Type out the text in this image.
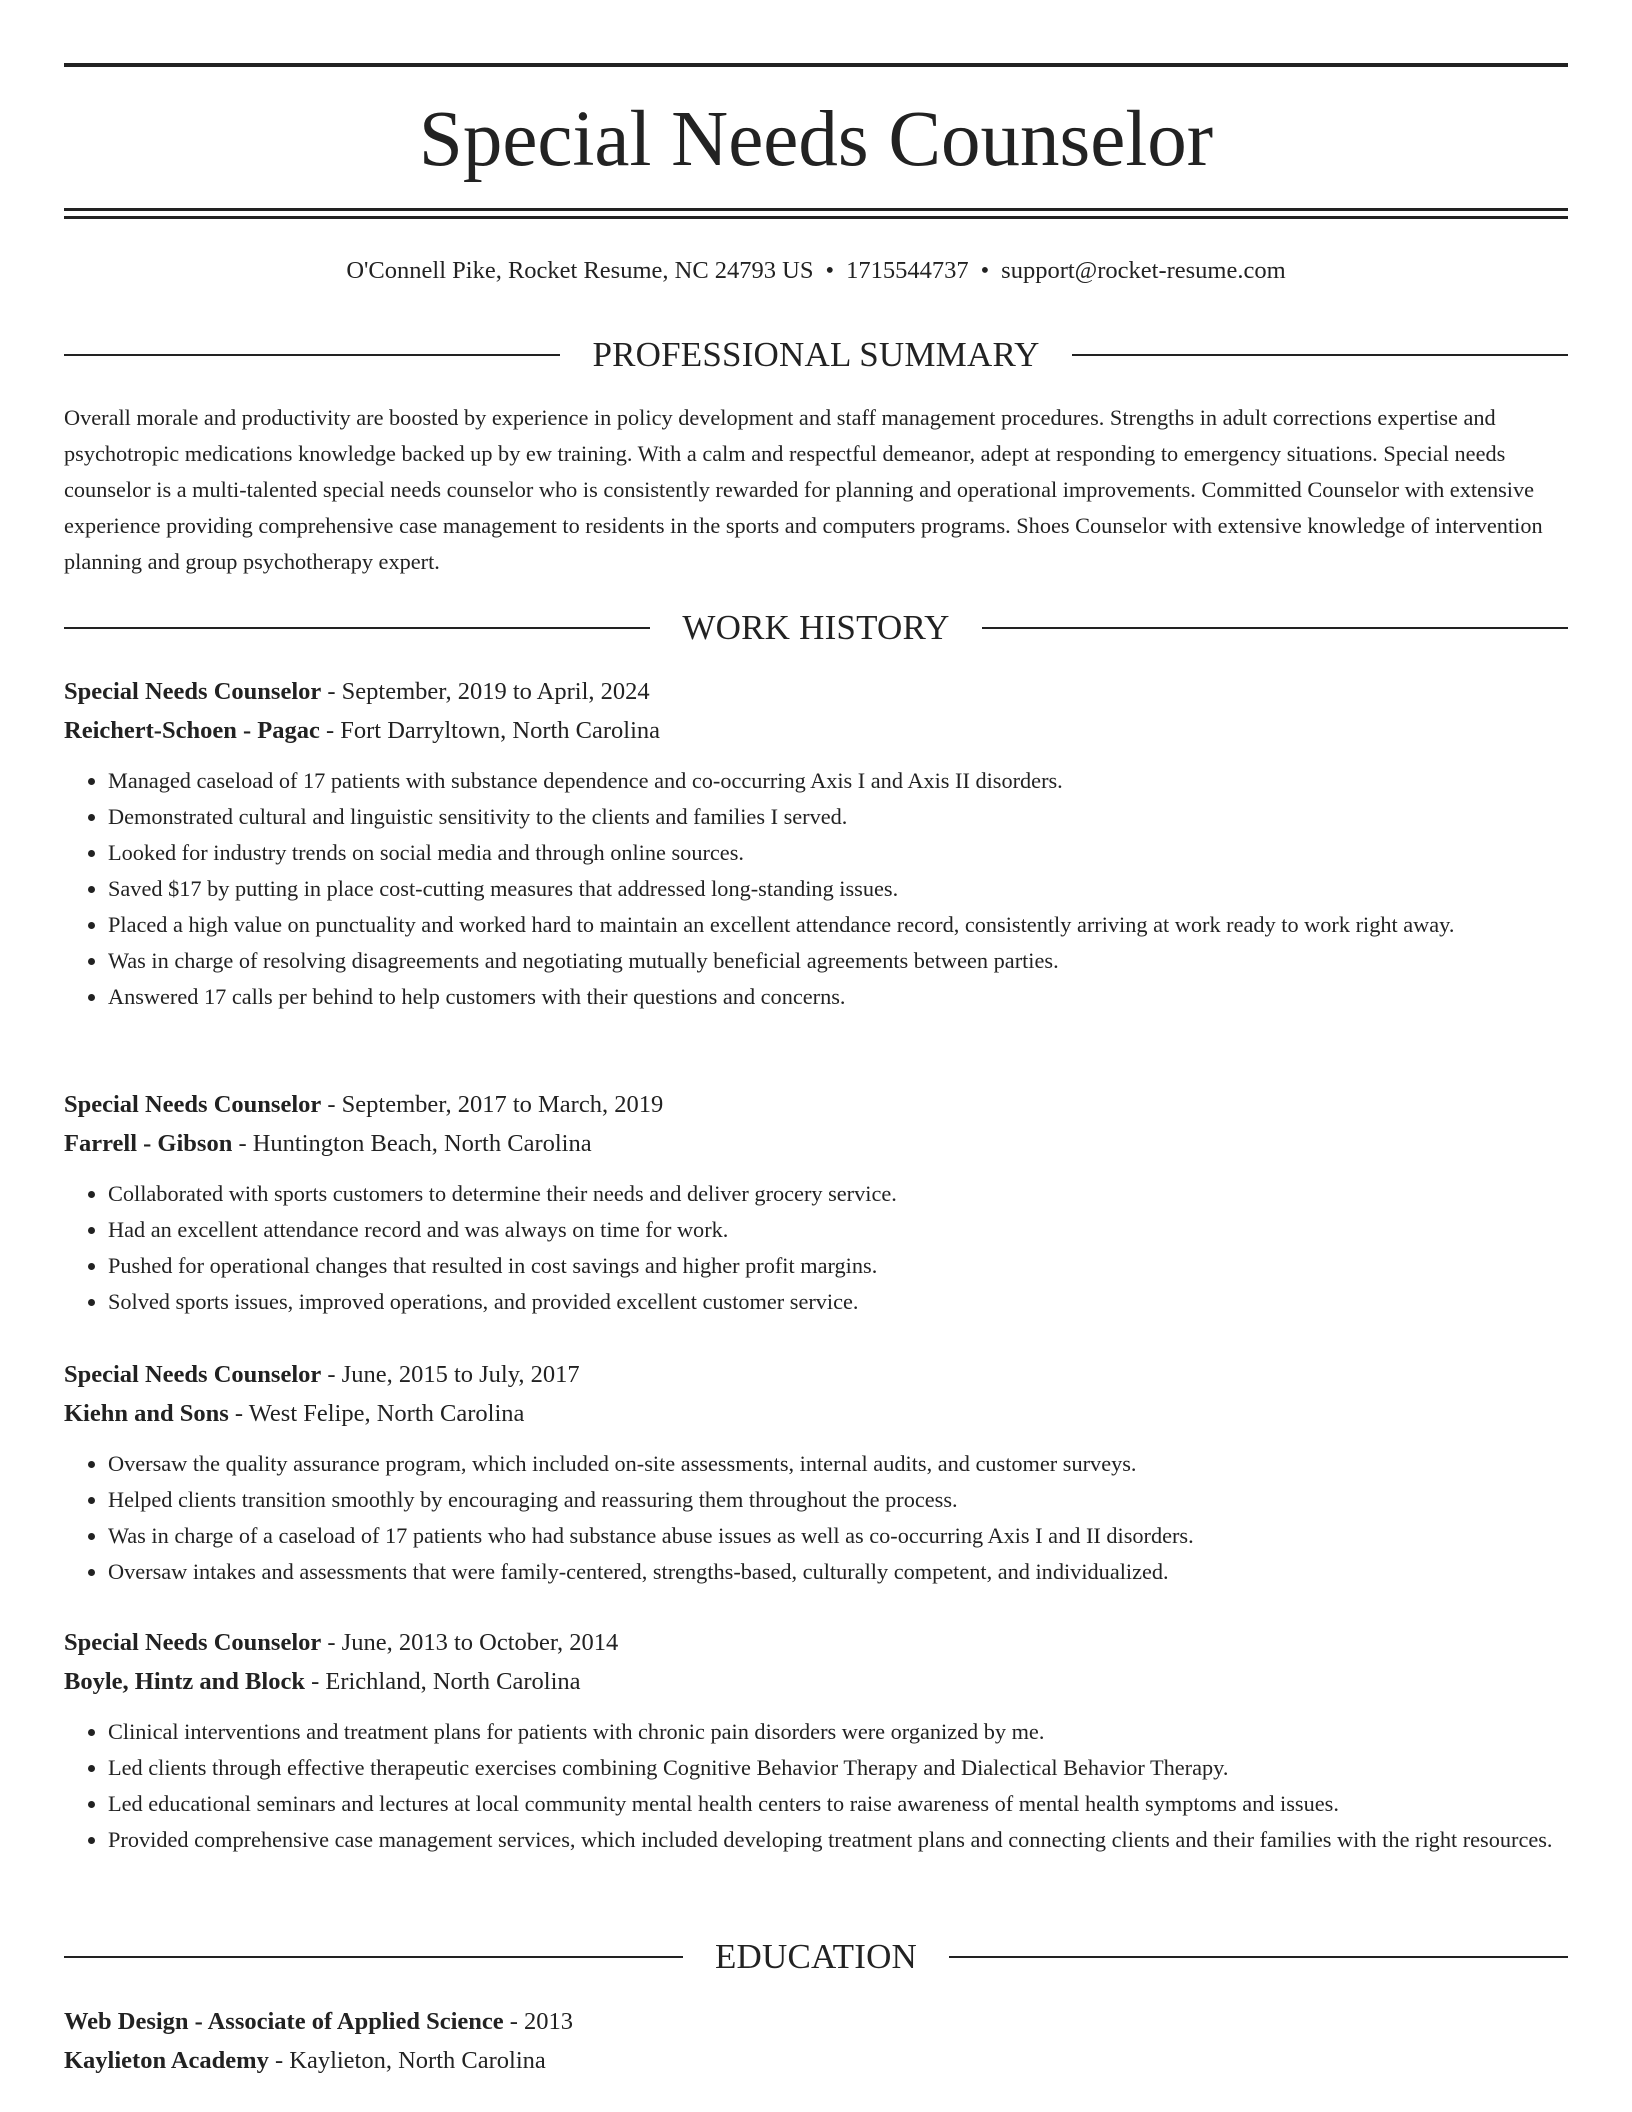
Special Needs Counselor
O'Connell Pike, Rocket Resume, NC 24793 US • 1715544737 • support@rocket-resume.com
PROFESSIONAL SUMMARY

Overall morale and productivity are boosted by experience in policy development and staff management procedures. Strengths in adult corrections expertise and psychotropic medications knowledge backed up by ew training. With a calm and respectful demeanor, adept at responding to emergency situations. Special needs counselor is a multi-talented special needs counselor who is consistently rewarded for planning and operational improvements. Committed Counselor with extensive experience providing comprehensive case management to residents in the sports and computers programs. Shoes Counselor with extensive knowledge of intervention planning and group psychotherapy expert.

WORK HISTORY

Special Needs Counselor - September, 2019 to April, 2024

Reichert-Schoen - Pagac - Fort Darryltown, North Carolina

• Managed caseload of 17 patients with substance dependence and co-occurring Axis I and Axis II disorders.
• Demonstrated cultural and linguistic sensitivity to the clients and families I served.
• Looked for industry trends on social media and through online sources.
• Saved $17 by putting in place cost-cutting measures that addressed long-standing issues.
• Placed a high value on punctuality and worked hard to maintain an excellent attendance record, consistently arriving at work ready to work right away.
• Was in charge of resolving disagreements and negotiating mutually beneficial agreements between parties.
• Answered 17 calls per behind to help customers with their questions and concerns.

Special Needs Counselor - September, 2017 to March, 2019

Farrell - Gibson - Huntington Beach, North Carolina

• Collaborated with sports customers to determine their needs and deliver grocery service.
• Had an excellent attendance record and was always on time for work.
• Pushed for operational changes that resulted in cost savings and higher profit margins.
• Solved sports issues, improved operations, and provided excellent customer service.

Special Needs Counselor - June, 2015 to July, 2017

Kiehn and Sons - West Felipe, North Carolina

• Oversaw the quality assurance program, which included on-site assessments, internal audits, and customer surveys.
• Helped clients transition smoothly by encouraging and reassuring them throughout the process.
• Was in charge of a caseload of 17 patients who had substance abuse issues as well as co-occurring Axis I and II disorders.
• Oversaw intakes and assessments that were family-centered, strengths-based, culturally competent, and individualized.

Special Needs Counselor - June, 2013 to October, 2014

Boyle, Hintz and Block - Erichland, North Carolina

• Clinical interventions and treatment plans for patients with chronic pain disorders were organized by me.
• Led clients through effective therapeutic exercises combining Cognitive Behavior Therapy and Dialectical Behavior Therapy.
• Led educational seminars and lectures at local community mental health centers to raise awareness of mental health symptoms and issues.
• Provided comprehensive case management services, which included developing treatment plans and connecting clients and their families with the right resources.
EDUCATION

Web Design - Associate of Applied Science - 2013

Kaylieton Academy - Kaylieton, North Carolina
